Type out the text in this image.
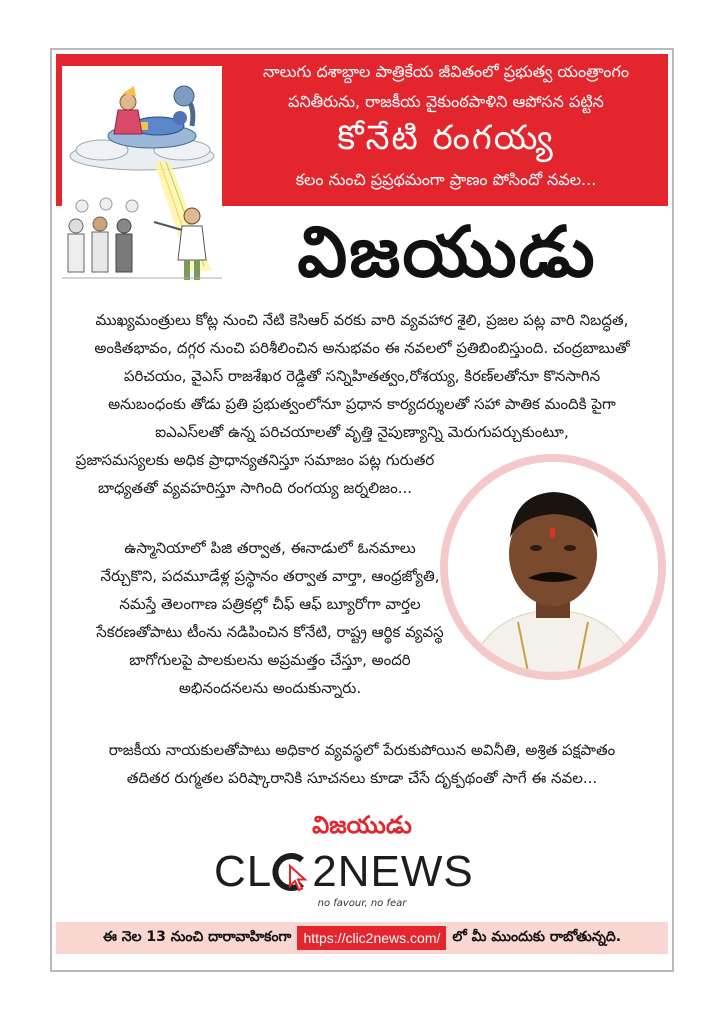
నాలుగు దశాబ్దాల పాత్రికేయ జీవితంలో ప్రభుత్వ యంత్రాంగం
పనితీరును, రాజకీయ వైకుంఠపాళిని ఆపోసన పట్టిన
కోనేటి రంగయ్య
కలం నుంచి ప్రప్రథమంగా ప్రాణం పోసిందో నవల...
విజయుడు
ముఖ్యమంత్రులు కోట్ల నుంచి నేటి కెసిఆర్ వరకు వారి వ్యవహార శైలి, ప్రజల పట్ల వారి నిబద్ధత,
అంకితభావం, దగ్గర నుంచి పరిశీలించిన అనుభవం ఈ నవలలో ప్రతిబింబిస్తుంది. చంద్రబాబుతో
పరిచయం, వైఎస్ రాజశేఖర రెడ్డితో సన్నిహితత్వం,రోశయ్య, కిరణ్‌లతోనూ కొనసాగిన
అనుబంధంకు తోడు ప్రతి ప్రభుత్వంలోనూ ప్రధాన కార్యదర్శులతో సహా పాతిక మందికి పైగా
ఐఎఎస్‌లతో ఉన్న పరిచయాలతో వృత్తి నైపుణ్యాన్ని మెరుగుపర్చుకుంటూ,
ప్రజాసమస్యలకు అధిక ప్రాధాన్యతనిస్తూ సమాజం పట్ల గురుతర
బాధ్యతతో వ్యవహరిస్తూ సాగింది రంగయ్య జర్నలిజం...
ఉస్మానియాలో పిజి తర్వాత, ఈనాడులో ఓనమాలు
నేర్చుకొని, పదమూడేళ్ల ప్రస్థానం తర్వాత వార్తా, ఆంధ్రజ్యోతి,
నమస్తే తెలంగాణ పత్రికల్లో చీఫ్ ఆఫ్ బ్యూరోగా వార్తల
సేకరణతోపాటు టీంను నడిపించిన కోనేటి, రాష్ట్ర ఆర్థిక వ్యవస్థ
బాగోగులపై పాలకులను అప్రమత్తం చేస్తూ, అందరి
అభినందనలను అందుకున్నారు.
రాజకీయ నాయకులతోపాటు అధికార వ్యవస్థలో పేరుకుపోయిన అవినీతి, అశ్రిత పక్షపాతం
తదితర రుగ్మతల పరిష్కారానికి సూచనలు కూడా చేసే దృక్పథంతో సాగే ఈ నవల...
విజయుడు
CL 2NEWS
no favour, no fear
ఈ నెల 13 నుంచి దారావాహికంగా https://clic2news.com/ లో మీ ముందుకు రాబోతున్నది.
